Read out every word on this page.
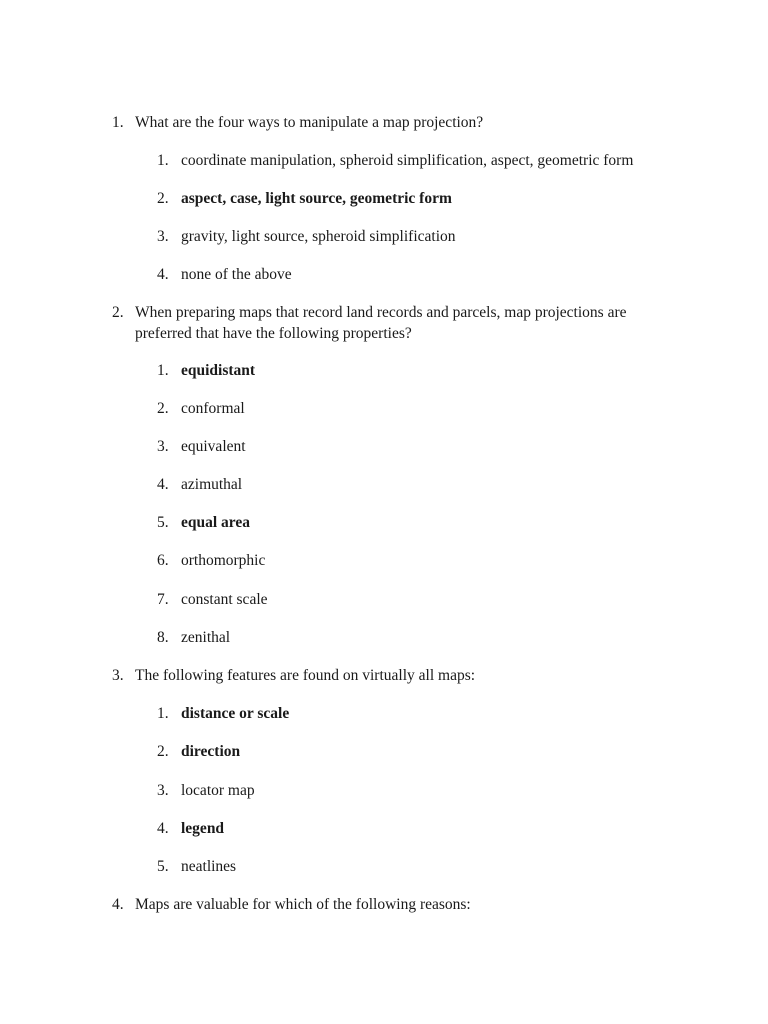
1. What are the four ways to manipulate a map projection?
1. coordinate manipulation, spheroid simplification, aspect, geometric form
2. aspect, case, light source, geometric form
3. gravity, light source, spheroid simplification
4. none of the above
2. When preparing maps that record land records and parcels, map projections are preferred that have the following properties?
1. equidistant
2. conformal
3. equivalent
4. azimuthal
5. equal area
6. orthomorphic
7. constant scale
8. zenithal
3. The following features are found on virtually all maps:
1. distance or scale
2. direction
3. locator map
4. legend
5. neatlines
4. Maps are valuable for which of the following reasons:
